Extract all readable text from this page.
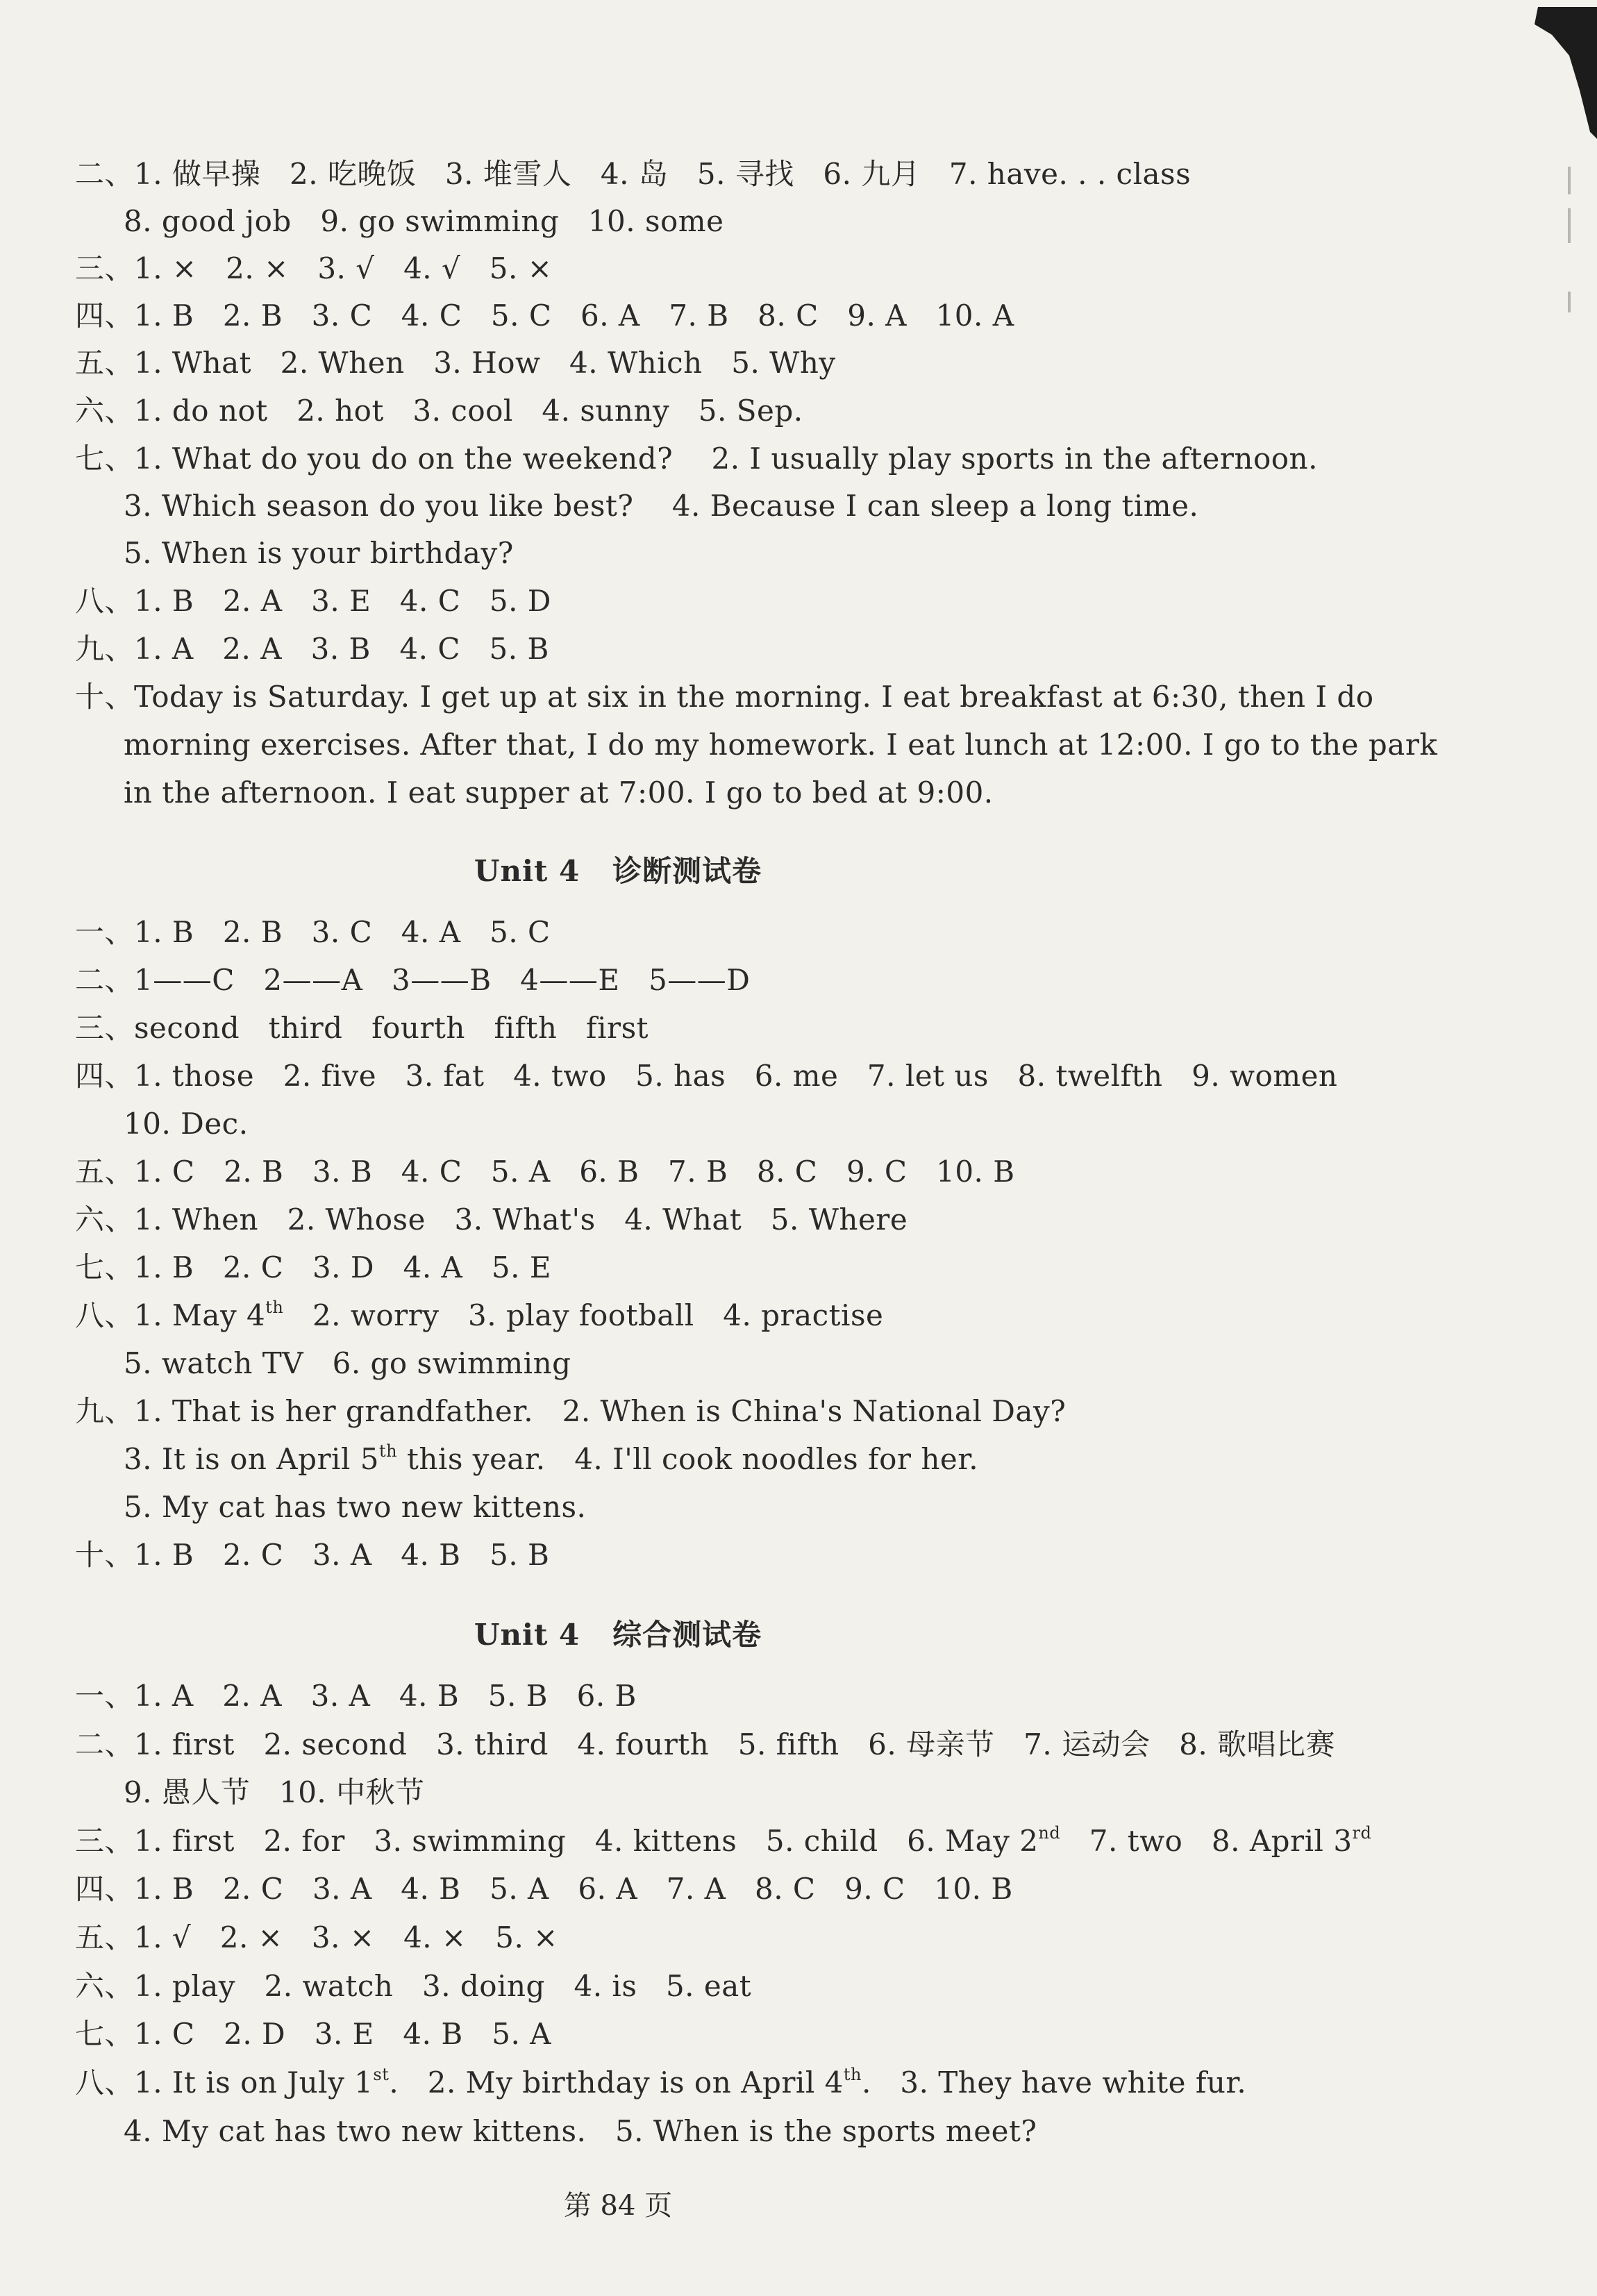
二、1. 做早操   2. 吃晚饭   3. 堆雪人   4. 岛   5. 寻找   6. 九月   7. have. . . class
8. good job   9. go swimming   10. some
三、1. ×   2. ×   3. √   4. √   5. ×
四、1. B   2. B   3. C   4. C   5. C   6. A   7. B   8. C   9. A   10. A
五、1. What   2. When   3. How   4. Which   5. Why
六、1. do not   2. hot   3. cool   4. sunny   5. Sep.
七、1. What do you do on the weekend?    2. I usually play sports in the afternoon.
3. Which season do you like best?    4. Because I can sleep a long time.
5. When is your birthday?
八、1. B   2. A   3. E   4. C   5. D
九、1. A   2. A   3. B   4. C   5. B
十、Today is Saturday. I get up at six in the morning. I eat breakfast at 6:30, then I do
morning exercises. After that, I do my homework. I eat lunch at 12:00. I go to the park
in the afternoon. I eat supper at 7:00. I go to bed at 9:00.
Unit 4   诊断测试卷
一、1. B   2. B   3. C   4. A   5. C
二、1——C   2——A   3——B   4——E   5——D
三、second   third   fourth   fifth   first
四、1. those   2. five   3. fat   4. two   5. has   6. me   7. let us   8. twelfth   9. women
10. Dec.
五、1. C   2. B   3. B   4. C   5. A   6. B   7. B   8. C   9. C   10. B
六、1. When   2. Whose   3. What's   4. What   5. Where
七、1. B   2. C   3. D   4. A   5. E
八、1. May 4th   2. worry   3. play football   4. practise
5. watch TV   6. go swimming
九、1. That is her grandfather.   2. When is China's National Day?
3. It is on April 5th this year.   4. I'll cook noodles for her.
5. My cat has two new kittens.
十、1. B   2. C   3. A   4. B   5. B
Unit 4   综合测试卷
一、1. A   2. A   3. A   4. B   5. B   6. B
二、1. first   2. second   3. third   4. fourth   5. fifth   6. 母亲节   7. 运动会   8. 歌唱比赛
9. 愚人节   10. 中秋节
三、1. first   2. for   3. swimming   4. kittens   5. child   6. May 2nd   7. two   8. April 3rd
四、1. B   2. C   3. A   4. B   5. A   6. A   7. A   8. C   9. C   10. B
五、1. √   2. ×   3. ×   4. ×   5. ×
六、1. play   2. watch   3. doing   4. is   5. eat
七、1. C   2. D   3. E   4. B   5. A
八、1. It is on July 1st.   2. My birthday is on April 4th.   3. They have white fur.
4. My cat has two new kittens.   5. When is the sports meet?
第 84 页
